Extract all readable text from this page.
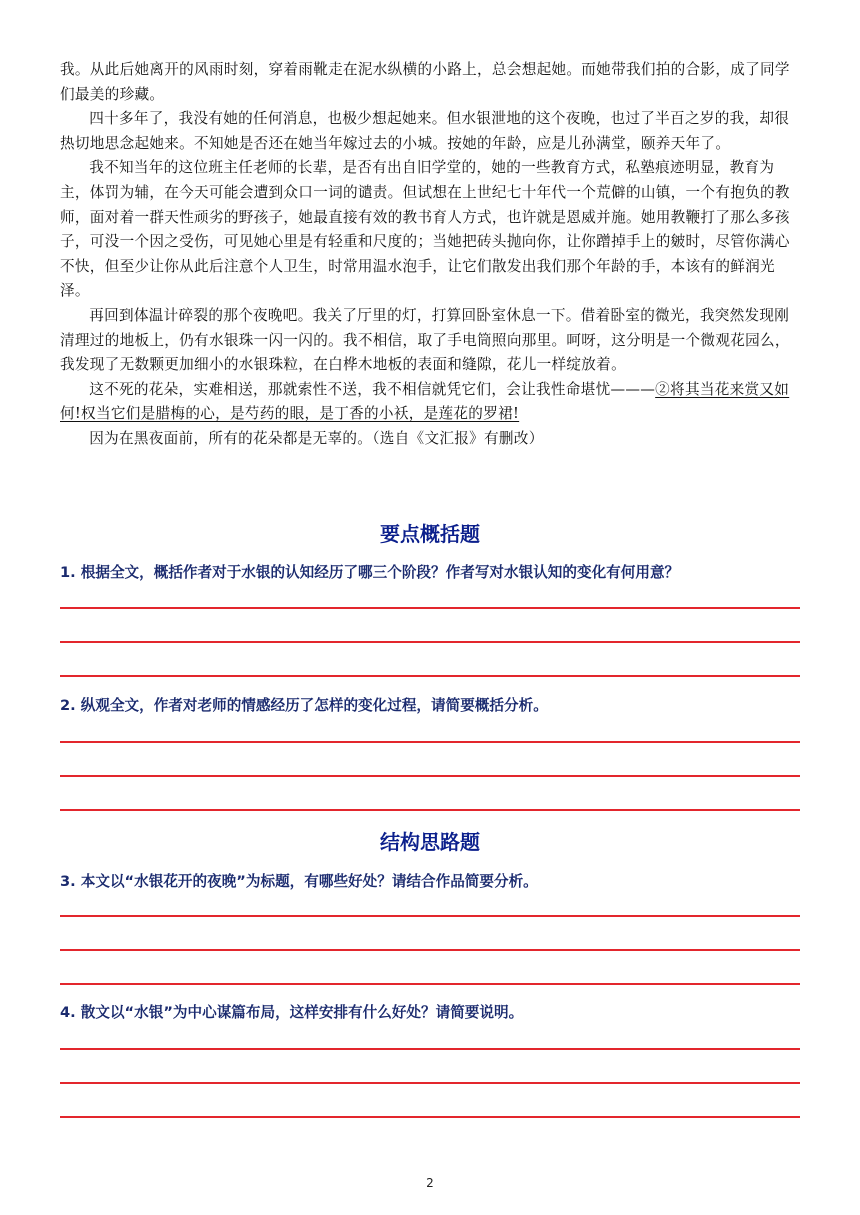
我。从此后她离开的风雨时刻，穿着雨靴走在泥水纵横的小路上，总会想起她。而她带我们拍的合影，成了同学们最美的珍藏。

四十多年了，我没有她的任何消息，也极少想起她来。但水银泄地的这个夜晚，也过了半百之岁的我，却很热切地思念起她来。不知她是否还在她当年嫁过去的小城。按她的年龄，应是儿孙满堂，颐养天年了。

我不知当年的这位班主任老师的长辈，是否有出自旧学堂的，她的一些教育方式，私塾痕迹明显，教育为主，体罚为辅，在今天可能会遭到众口一词的谴责。但试想在上世纪七十年代一个荒僻的山镇，一个有抱负的教师，面对着一群天性顽劣的野孩子，她最直接有效的教书育人方式，也许就是恩威并施。她用教鞭打了那么多孩子，可没一个因之受伤，可见她心里是有轻重和尺度的；当她把砖头抛向你，让你蹭掉手上的皴时，尽管你满心不快，但至少让你从此后注意个人卫生，时常用温水泡手，让它们散发出我们那个年龄的手，本该有的鲜润光泽。

再回到体温计碎裂的那个夜晚吧。我关了厅里的灯，打算回卧室休息一下。借着卧室的微光，我突然发现刚清理过的地板上，仍有水银珠一闪一闪的。我不相信，取了手电筒照向那里。呵呀，这分明是一个微观花园么，我发现了无数颗更加细小的水银珠粒，在白桦木地板的表面和缝隙，花儿一样绽放着。

这不死的花朵，实难相送，那就索性不送，我不相信就凭它们，会让我性命堪忧———②将其当花来赏又如何!权当它们是腊梅的心，是芍药的眼，是丁香的小袄，是莲花的罗裙!

因为在黑夜面前，所有的花朵都是无辜的。（选自《文汇报》有删改）

要点概括题
1. 根据全文，概括作者对于水银的认知经历了哪三个阶段？作者写对水银认知的变化有何用意？
2. 纵观全文，作者对老师的情感经历了怎样的变化过程，请简要概括分析。
结构思路题
3. 本文以“水银花开的夜晚”为标题，有哪些好处？请结合作品简要分析。
4. 散文以“水银”为中心谋篇布局，这样安排有什么好处？请简要说明。
2
